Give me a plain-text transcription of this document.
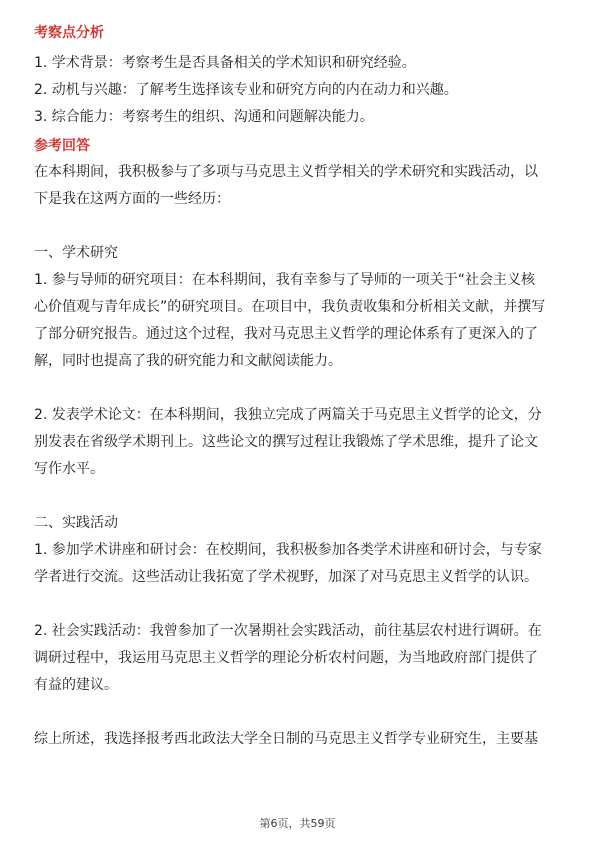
考察点分析

1. 学术背景：考察考生是否具备相关的学术知识和研究经验。

2. 动机与兴趣：了解考生选择该专业和研究方向的内在动力和兴趣。

3. 综合能力：考察考生的组织、沟通和问题解决能力。

参考回答

在本科期间，我积极参与了多项与马克思主义哲学相关的学术研究和实践活动，以

下是我在这两方面的一些经历：

一、学术研究

1. 参与导师的研究项目：在本科期间，我有幸参与了导师的一项关于“社会主义核

心价值观与青年成长”的研究项目。在项目中，我负责收集和分析相关文献，并撰写

了部分研究报告。通过这个过程，我对马克思主义哲学的理论体系有了更深入的了

解，同时也提高了我的研究能力和文献阅读能力。

2. 发表学术论文：在本科期间，我独立完成了两篇关于马克思主义哲学的论文，分

别发表在省级学术期刊上。这些论文的撰写过程让我锻炼了学术思维，提升了论文

写作水平。

二、实践活动

1. 参加学术讲座和研讨会：在校期间，我积极参加各类学术讲座和研讨会，与专家

学者进行交流。这些活动让我拓宽了学术视野，加深了对马克思主义哲学的认识。

2. 社会实践活动：我曾参加了一次暑期社会实践活动，前往基层农村进行调研。在

调研过程中，我运用马克思主义哲学的理论分析农村问题，为当地政府部门提供了

有益的建议。

综上所述，我选择报考西北政法大学全日制的马克思主义哲学专业研究生，主要基

第6页，共59页
